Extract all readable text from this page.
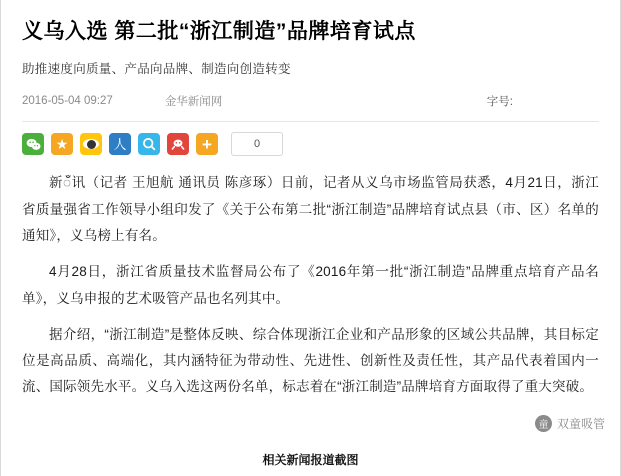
义乌入选 第二批“浙江制造”品牌培育试点
助推速度向质量、产品向品牌、制造向创造转变
2016-05-04 09:27	金华新闻网	字号:
★	人	+	0

新ँ讯（记者 王旭航 通讯员 陈彦琢）日前，记者从义乌市场监管局获悉，4月21日，浙江省质量强省工作领导小组印发了《关于公布第二批“浙江制造”品牌培育试点县（市、区）名单的通知》，义乌榜上有名。

4月28日，浙江省质量技术监督局公布了《2016年第一批“浙江制造”品牌重点培育产品名单》，义乌申报的艺术吸管产品也名列其中。

据介绍，“浙江制造”是整体反映、综合体现浙江企业和产品形象的区域公共品牌，其目标定位是高品质、高端化，其内涵特征为带动性、先进性、创新性及责任性，其产品代表着国内一流、国际领先水平。义乌入选这两份名单，标志着在“浙江制造”品牌培育方面取得了重大突破。

童 双童吸管
相关新闻报道截图
